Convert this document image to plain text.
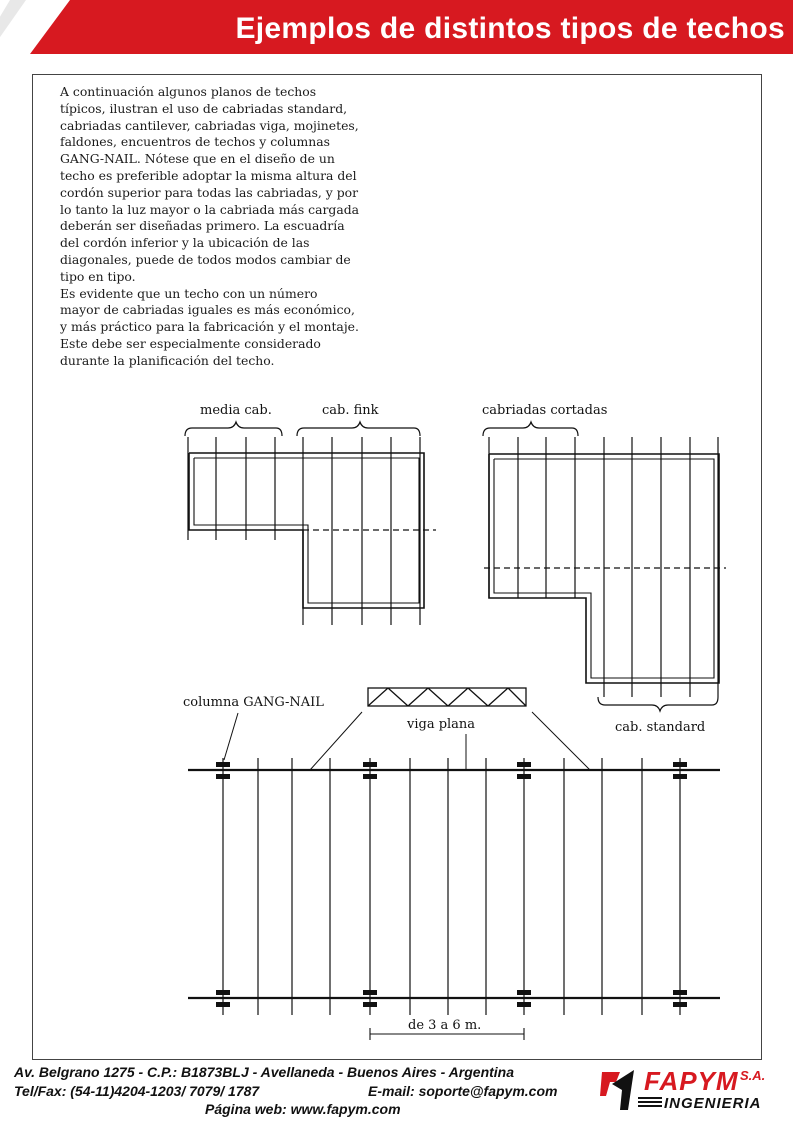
Ejemplos de distintos tipos de techos

A continuación algunos planos de techos típicos, ilustran el uso de cabriadas standard, cabriadas cantilever, cabriadas viga, mojinetes, faldones, encuentros de techos y columnas GANG-NAIL. Nótese que en el diseño de un techo es preferible adoptar la misma altura del cordón superior para todas las cabriadas, y por lo tanto la luz mayor o la cabriada más cargada deberán ser diseñadas primero. La escuadría del cordón inferior y la ubicación de las diagonales, puede de todos modos cambiar de tipo en tipo.

Es evidente que un techo con un número mayor de cabriadas iguales es más económico, y más práctico para la fabricación y el montaje. Este debe ser especialmente considerado durante la planificación del techo.

media cab.	cab. fink	cabriadas cortadas
cab. standard
viga plana
columna GANG-NAIL
de 3 a 6 m.
Av. Belgrano 1275 - C.P.: B1873BLJ - Avellaneda - Buenos Aires - Argentina
Tel/Fax: (54-11)4204-1203/ 7079/ 1787	E-mail: soporte@fapym.com
Página web: www.fapym.com
FAPYM S.A.
INGENIERIA
